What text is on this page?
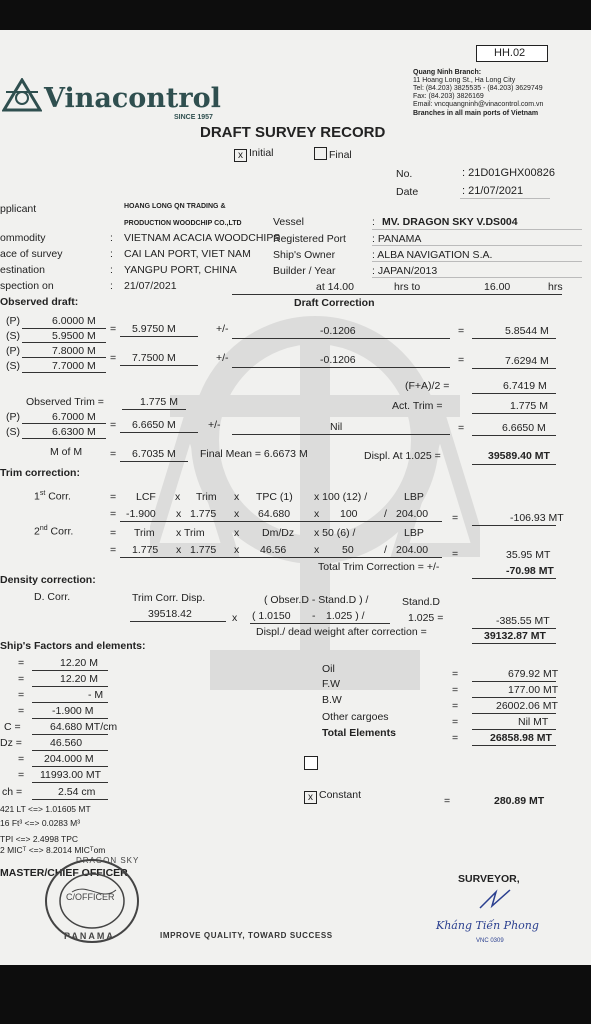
HH.02
Vinacontrol
SINCE 1957
Quang Ninh Branch:
11 Hoang Long St., Ha Long City
Tel: (84.203) 3825535 - (84.203) 3629749
Fax: (84.203) 3826169
Email: vncquangninh@vinacontrol.com.vn
Branches in all main ports of Vietnam
DRAFT SURVEY RECORD
x Initial	Final
No.	: 21D01GHX00826
Date	: 21/07/2021
pplicant	HOANG LONG QN TRADING &
PRODUCTION WOODCHIP CO.,LTD
ommodity	VIETNAM ACACIA WOODCHIPS
ace of survey	CAI LAN PORT, VIET NAM
estination	YANGPU PORT, CHINA
spection on	21/07/2021
:
:
:
:
Vessel	MV. DRAGON SKY V.DS004
:
Registered Port : PANAMA
Ship's Owner	: ALBA NAVIGATION S.A.
Builder / Year	: JAPAN/2013
at 14.00	hrs to	16.00	hrs
Observed draft:	Draft Correction
(P)	6.0000 M
(S)	5.9500 M
= 5.9750 M	+/-	-0.1206	=	5.8544 M
(P)	7.8000 M
(S)	7.7000 M
= 7.7500 M	+/-	-0.1206	=	7.6294 M
(F+A)/2 =	6.7419 M
Act. Trim =	1.775 M
Observed Trim =	1.775 M
(P)	6.7000 M
(S)	6.6300 M
= 6.6650 M	+/-	Nil	=	6.6650 M
M of M	= 6.7035 M Final Mean = 6.6673 M	Displ. At 1.025 =	39589.40 MT
Trim correction:
1st Corr.	= LCF x Trim x TPC (1) x 100 (12) /	LBP
= -1.900 x 1.775 x 64.680 x 100	/ 204.00 =	-106.93 MT
2nd Corr.	= Trim x Trim	x Dm/Dz x 50 (6) /	LBP
= 1.775 x 1.775 x 46.56	x 50	/ 204.00 =	35.95 MT
Total Trim Correction = +/-	-70.98 MT
Density correction:
D. Corr.	Trim Corr. Disp.	( Obser.D - Stand.D ) /	Stand.D
39518.42	x ( 1.0150 - 1.025 ) /	1.025 =	-385.55 MT
Displ./ dead weight after correction =	39132.87 MT
Ship's Factors and elements:
=	12.20 M
=	12.20 M
=	- M
=	-1.900 M
C =	64.680 MT/cm
Dz =	46.560
= 204.000 M
= 11993.00 MT
ch =	2.54 cm
421 LT <=> 1.01605 MT
16 Ft³ <=> 0.0283 M³
TPI <=> 2.4998 TPC
2 MICᵀ <=> 8.2014 MICᵀom
Oil	=	679.92 MT
F.W	=	177.00 MT
B.W	=	26002.06 MT
Other cargoes	=	Nil MT
Total Elements	=	26858.98 MT
x Constant	=	280.89 MT
MASTER/CHIEF OFFICER
DRAGON SKY
C/OFFICER
PANAMA	IMPROVE QUALITY, TOWARD SUCCESS
SURVEYOR,
Kháng Tiến Phong
VNC 0309
